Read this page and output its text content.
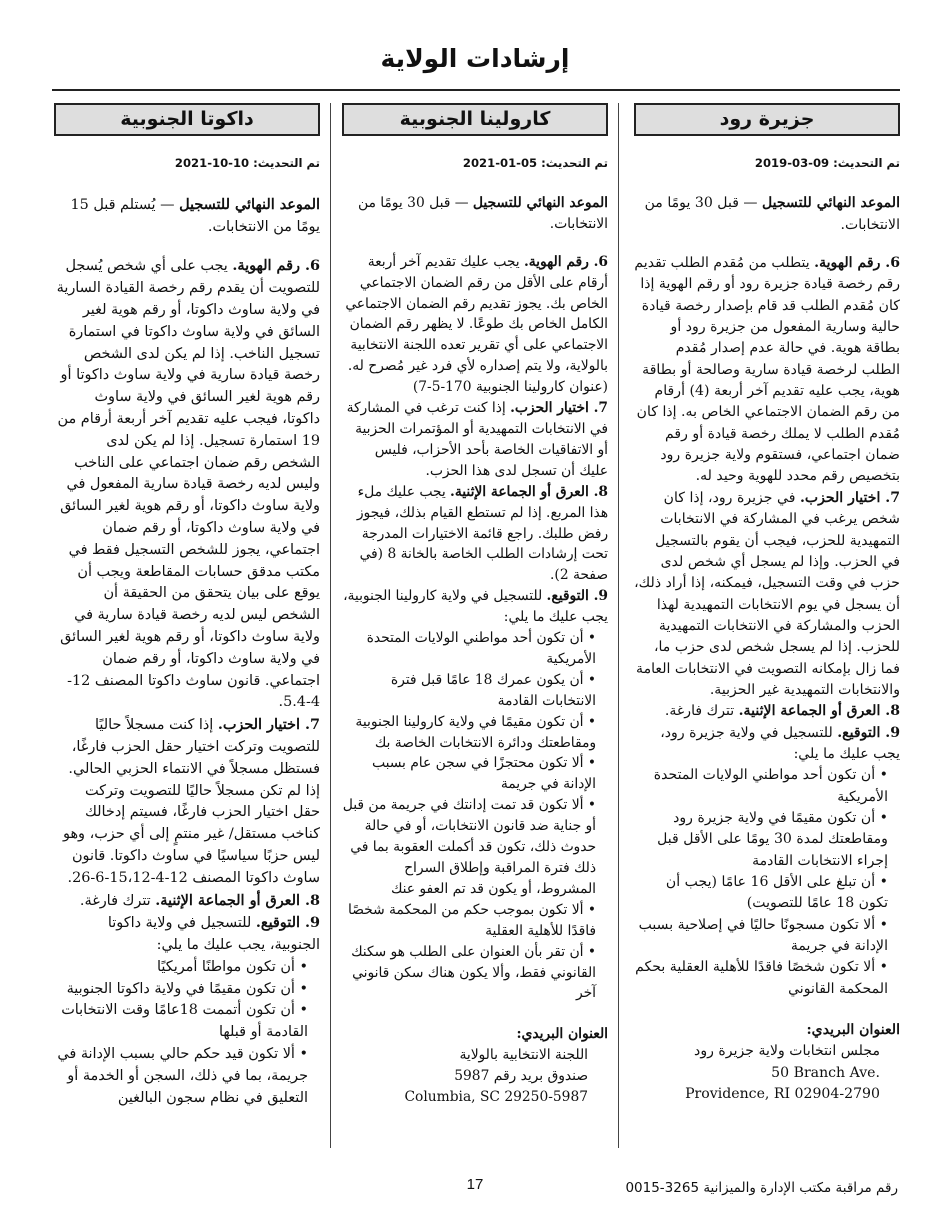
إرشادات الولاية
جزيرة رود
تم التحديث: 09-03-2019

الموعد النهائي للتسجيل — قبل 30 يومًا من الانتخابات.

6. رقم الهوية. يتطلب من مُقدم الطلب تقديم رقم رخصة قيادة جزيرة رود أو رقم الهوية إذا كان مُقدم الطلب قد قام بإصدار رخصة قيادة حالية وسارية المفعول من جزيرة رود أو بطاقة هوية. في حالة عدم إصدار مُقدم الطلب لرخصة قيادة سارية وصالحة أو بطاقة هوية، يجب عليه تقديم آخر أربعة (4) أرقام من رقم الضمان الاجتماعي الخاص به. إذا كان مُقدم الطلب لا يملك رخصة قيادة أو رقم ضمان اجتماعي، فستقوم ولاية جزيرة رود بتخصيص رقم محدد للهوية وحيد له.

7. اختيار الحزب. في جزيرة رود، إذا كان شخص يرغب في المشاركة في الانتخابات التمهيدية للحزب، فيجب أن يقوم بالتسجيل في الحزب. وإذا لم يسجل أي شخص لدى حزب في وقت التسجيل، فيمكنه، إذا أراد ذلك، أن يسجل في يوم الانتخابات التمهيدية لهذا الحزب والمشاركة في الانتخابات التمهيدية للحزب. إذا لم يسجل شخص لدى حزب ما، فما زال بإمكانه التصويت في الانتخابات العامة والانتخابات التمهيدية غير الحزبية.

8. العرق أو الجماعة الإثنية. تترك فارغة.

9. التوقيع. للتسجيل في ولاية جزيرة رود، يجب عليك ما يلي:

• أن تكون أحد مواطني الولايات المتحدة الأمريكية

• أن تكون مقيمًا في ولاية جزيرة رود ومقاطعتك لمدة 30 يومًا على الأقل قبل إجراء الانتخابات القادمة

• أن تبلغ على الأقل 16 عامًا (يجب أن تكون 18 عامًا للتصويت)

• ألا تكون مسجونًا حاليًا في إصلاحية بسبب الإدانة في جريمة

• ألا تكون شخصًا فاقدًا للأهلية العقلية بحكم المحكمة القانوني

العنوان البريدي:

مجلس انتخابات ولاية جزيرة رود

50 Branch Ave.

Providence, RI 02904-2790

كارولينا الجنوبية
تم التحديث: 05-01-2021

الموعد النهائي للتسجيل — قبل 30 يومًا من الانتخابات.

6. رقم الهوية. يجب عليك تقديم آخر أربعة أرقام على الأقل من رقم الضمان الاجتماعي الخاص بك. يجوز تقديم رقم الضمان الاجتماعي الكامل الخاص بك طوعًا. لا يظهر رقم الضمان الاجتماعي على أي تقرير تعده اللجنة الانتخابية بالولاية، ولا يتم إصداره لأي فرد غير مُصرح له. (عنوان كارولينا الجنوبية 170-5-7)

7. اختيار الحزب. إذا كنت ترغب في المشاركة في الانتخابات التمهيدية أو المؤتمرات الحزبية أو الاتفاقيات الخاصة بأحد الأحزاب، فليس عليك أن تسجل لدى هذا الحزب.

8. العرق أو الجماعة الإثنية. يجب عليك ملء هذا المربع. إذا لم تستطع القيام بذلك، فيجوز رفض طلبك. راجع قائمة الاختيارات المدرجة تحت إرشادات الطلب الخاصة بالخانة 8 (في صفحة 2).

9. التوقيع. للتسجيل في ولاية كارولينا الجنوبية، يجب عليك ما يلي:

• أن تكون أحد مواطني الولايات المتحدة الأمريكية

• أن يكون عمرك 18 عامًا قبل فترة الانتخابات القادمة

• أن تكون مقيمًا في ولاية كارولينا الجنوبية ومقاطعتك ودائرة الانتخابات الخاصة بك

• ألا تكون محتجزًا في سجن عام بسبب الإدانة في جريمة

• ألا تكون قد تمت إدانتك في جريمة من قبل أو جناية ضد قانون الانتخابات، أو في حالة حدوث ذلك، تكون قد أكملت العقوبة بما في ذلك فترة المراقبة وإطلاق السراح المشروط، أو يكون قد تم العفو عنك

• ألا تكون بموجب حكم من المحكمة شخصًا فاقدًا للأهلية العقلية

• أن تقر بأن العنوان على الطلب هو سكنك القانوني فقط، وألا يكون هناك سكن قانوني آخر

العنوان البريدي:

اللجنة الانتخابية بالولاية

صندوق بريد رقم 5987

Columbia, SC 29250-5987

داكوتا الجنوبية
تم التحديث: 10-10-2021

الموعد النهائي للتسجيل — يُستلم قبل 15 يومًا من الانتخابات.

6. رقم الهوية. يجب على أي شخص يُسجل للتصويت أن يقدم رقم رخصة القيادة السارية في ولاية ساوث داكوتا، أو رقم هوية لغير السائق في ولاية ساوث داكوتا في استمارة تسجيل الناخب. إذا لم يكن لدى الشخص رخصة قيادة سارية في ولاية ساوث داكوتا أو رقم هوية لغير السائق في ولاية ساوث داكوتا، فيجب عليه تقديم آخر أربعة أرقام من 19 استمارة تسجيل. إذا لم يكن لدى الشخص رقم ضمان اجتماعي على الناخب وليس لديه رخصة قيادة سارية المفعول في ولاية ساوث داكوتا، أو رقم هوية لغير السائق في ولاية ساوث داكوتا، أو رقم ضمان اجتماعي، يجوز للشخص التسجيل فقط في مكتب مدقق حسابات المقاطعة ويجب أن يوقع على بيان يتحقق من الحقيقة أن الشخص ليس لديه رخصة قيادة سارية في ولاية ساوث داكوتا، أو رقم هوية لغير السائق في ولاية ساوث داكوتا، أو رقم ضمان اجتماعي. قانون ساوث داكوتا المصنف 12-4-5.4.

7. اختيار الحزب. إذا كنت مسجلاً حاليًا للتصويت وتركت اختيار حقل الحزب فارغًا، فستظل مسجلاً في الانتماء الحزبي الحالي. إذا لم تكن مسجلاً حاليًا للتصويت وتركت حقل اختيار الحزب فارغًا، فسيتم إدخالك كناخب مستقل/ غير منتمٍ إلى أي حزب، وهو ليس حزبًا سياسيًا في ساوث داكوتا. قانون ساوث داكوتا المصنف 12-4-15،12-6-26.

8. العرق أو الجماعة الإثنية. تترك فارغة.

9. التوقيع. للتسجيل في ولاية داكوتا الجنوبية، يجب عليك ما يلي:

• أن تكون مواطنًا أمريكيًا

• أن تكون مقيمًا في ولاية داكوتا الجنوبية

• أن تكون أتممت 18عامًا وقت الانتخابات القادمة أو قبلها

• ألا تكون قيد حكم حالي بسبب الإدانة في جريمة، بما في ذلك، السجن أو الخدمة أو التعليق في نظام سجون البالغين

17	رقم مراقبة مكتب الإدارة والميزانية 3265-0015
